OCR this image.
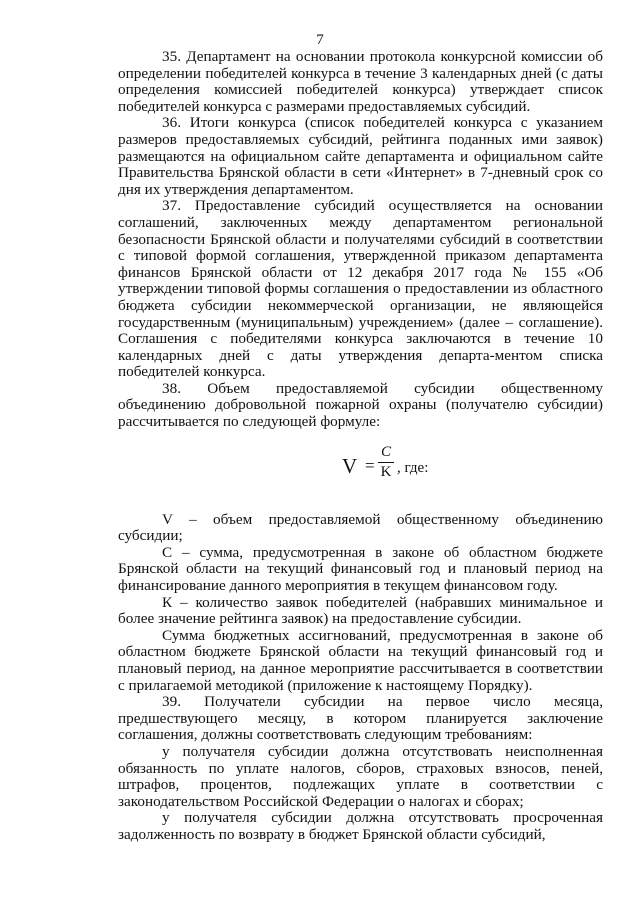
7

35. Департамент на основании протокола конкурсной комиссии об определении победителей конкурса в течение 3 календарных дней (с даты определения комиссией победителей конкурса) утверждает список победителей конкурса с размерами предоставляемых субсидий.

36. Итоги конкурса (список победителей конкурса с указанием размеров предоставляемых субсидий, рейтинга поданных ими заявок) размещаются на официальном сайте департамента и официальном сайте Правительства Брянской области в сети «Интернет» в 7-дневный срок со дня их утверждения департаментом.

37. Предоставление субсидий осуществляется на основании соглашений, заключенных между департаментом региональной безопасности Брянской области и получателями субсидий в соответствии с типовой формой соглашения, утвержденной приказом департамента финансов Брянской области от 12 декабря 2017 года № 155 «Об утверждении типовой формы соглашения о предоставлении из областного бюджета субсидии некоммерческой организации, не являющейся государственным (муниципальным) учреждением» (далее – соглашение). Соглашения с победителями конкурса заключаются в течение 10 календарных дней с даты утверждения департа-ментом списка победителей конкурса.

38. Объем предоставляемой субсидии общественному объединению добровольной пожарной охраны (получателю субсидии) рассчитывается по следующей формуле:

V =
C
K , где:

V – объем предоставляемой общественному объединению субсидии;

С – сумма, предусмотренная в законе об областном бюджете Брянской области на текущий финансовый год и плановый период на финансирование данного мероприятия в текущем финансовом году.

К – количество заявок победителей (набравших минимальное и более значение рейтинга заявок) на предоставление субсидии.

Сумма бюджетных ассигнований, предусмотренная в законе об областном бюджете Брянской области на текущий финансовый год и плановый период, на данное мероприятие рассчитывается в соответствии с прилагаемой методикой (приложение к настоящему Порядку).

39. Получатели субсидии на первое число месяца, предшествующего месяцу, в котором планируется заключение соглашения, должны соответствовать следующим требованиям:

у получателя субсидии должна отсутствовать неисполненная обязанность по уплате налогов, сборов, страховых взносов, пеней, штрафов, процентов, подлежащих уплате в соответствии с законодательством Российской Федерации о налогах и сборах;

у получателя субсидии должна отсутствовать просроченная задолженность по возврату в бюджет Брянской области субсидий,
